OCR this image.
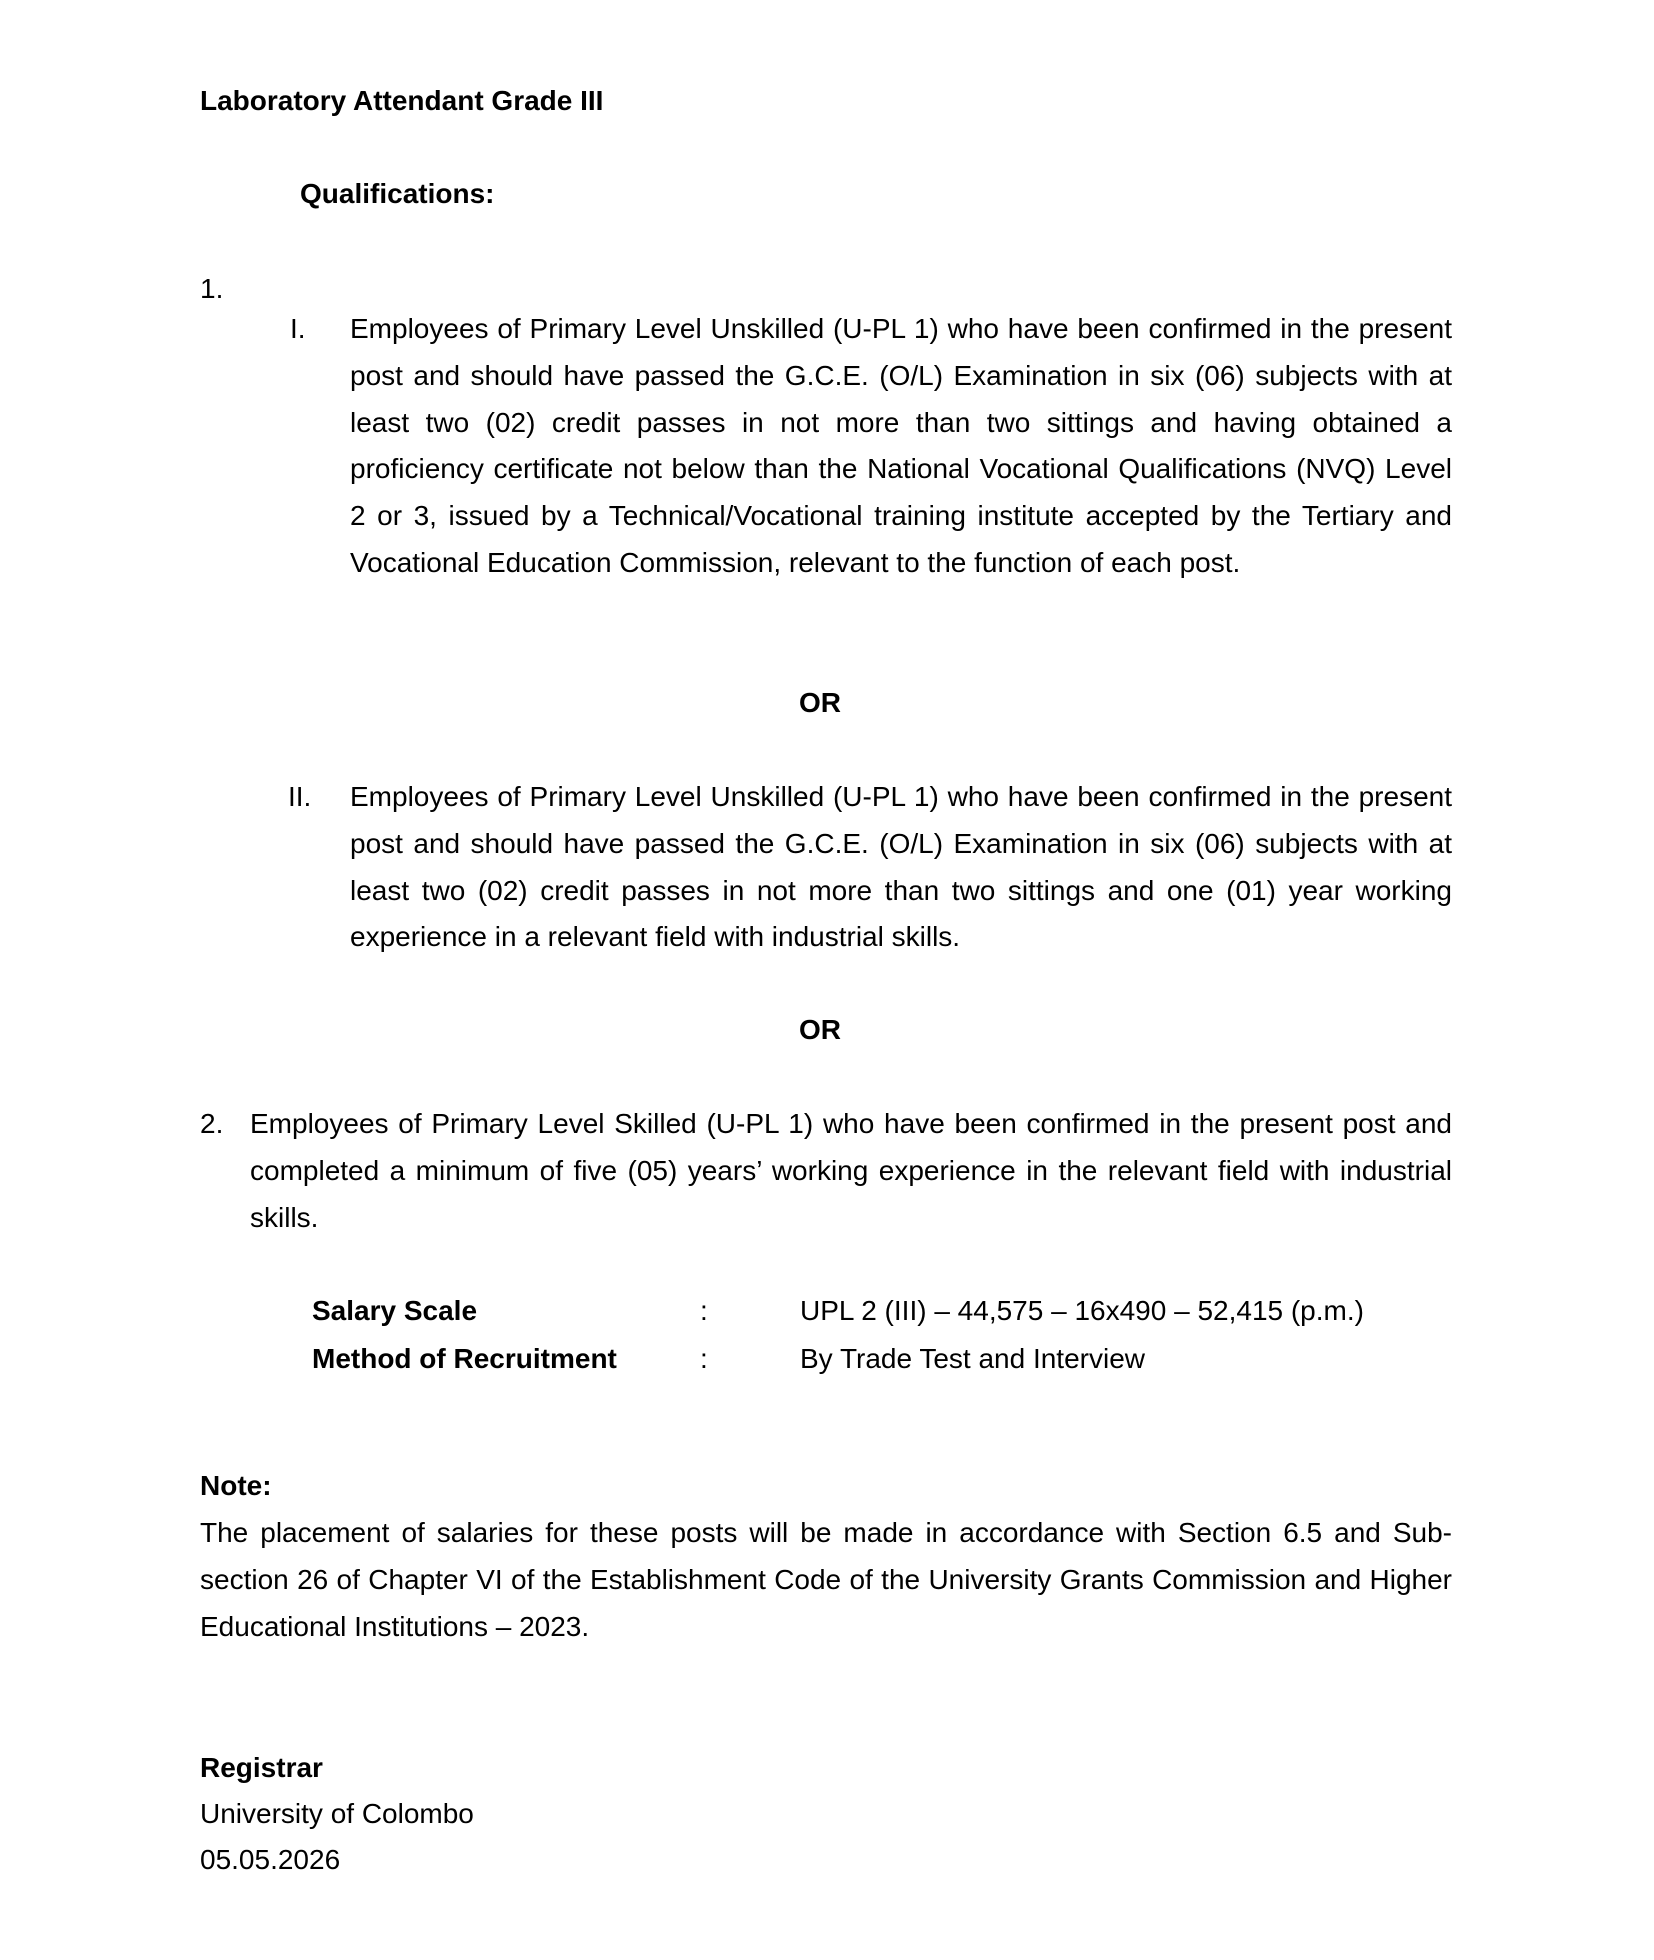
Laboratory Attendant Grade III
Qualifications:
1.
I. Employees of Primary Level Unskilled (U-PL 1) who have been confirmed in the present post and should have passed the G.C.E. (O/L) Examination in six (06) subjects with at least two (02) credit passes in not more than two sittings and having obtained a proficiency certificate not below than the National Vocational Qualifications (NVQ) Level 2 or 3, issued by a Technical/Vocational training institute accepted by the Tertiary and Vocational Education Commission, relevant to the function of each post.
OR
II. Employees of Primary Level Unskilled (U-PL 1) who have been confirmed in the present post and should have passed the G.C.E. (O/L) Examination in six (06) subjects with at least two (02) credit passes in not more than two sittings and one (01) year working experience in a relevant field with industrial skills.
OR
2. Employees of Primary Level Skilled (U-PL 1) who have been confirmed in the present post and completed a minimum of five (05) years’ working experience in the relevant field with industrial skills.
Salary Scale	:	UPL 2 (III) – 44,575 – 16x490 – 52,415 (p.m.)
Method of Recruitment	:	By Trade Test and Interview
Note:
The placement of salaries for these posts will be made in accordance with Section 6.5 and Sub-section 26 of Chapter VI of the Establishment Code of the University Grants Commission and Higher Educational Institutions – 2023.
Registrar
University of Colombo
05.05.2026
